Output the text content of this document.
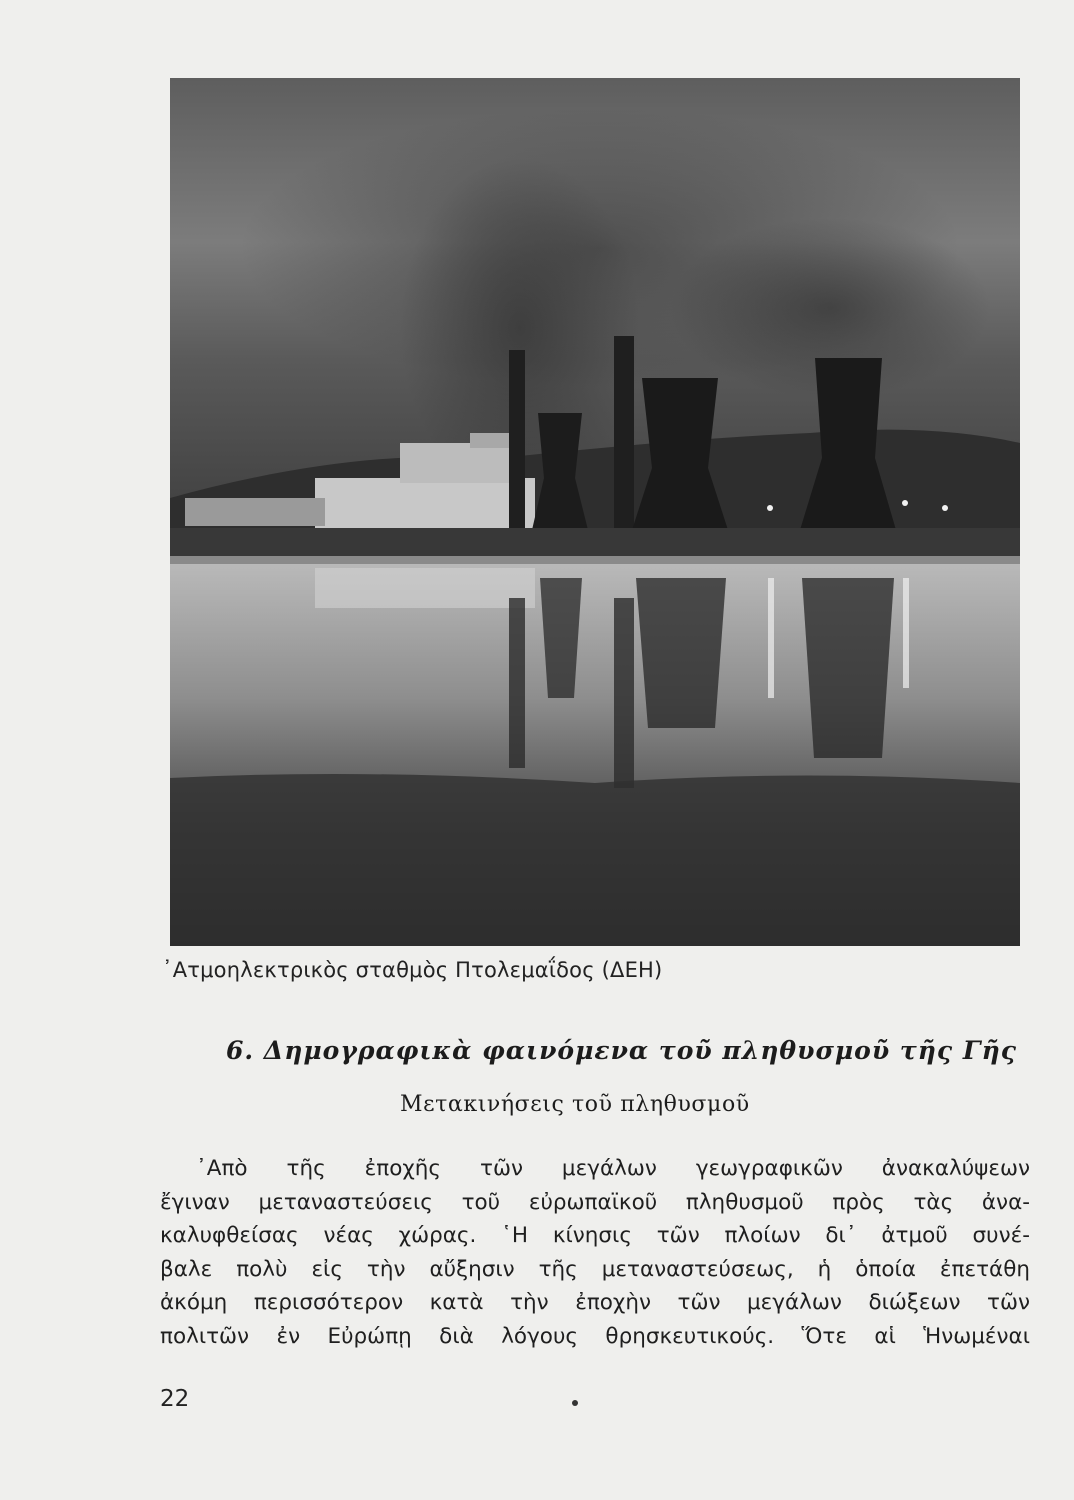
᾽Ατμοηλεκτρικὸς σταθμὸς Πτολεμαΐδος (ΔΕΗ)
6. Δημογραφικὰ φαινόμενα τοῦ πληθυσμοῦ τῆς Γῆς
Μετακινήσεις τοῦ πληθυσμοῦ
᾽Απὸ τῆς ἐποχῆς τῶν μεγάλων γεωγραφικῶν ἀνακαλύψεων
ἔγιναν μεταναστεύσεις τοῦ εὐρωπαϊκοῦ πληθυσμοῦ πρὸς τὰς ἀνα-
καλυφθείσας νέας χώρας. ῾Η κίνησις τῶν πλοίων δι᾽ ἀτμοῦ συνέ-
βαλε πολὺ εἰς τὴν αὔξησιν τῆς μεταναστεύσεως, ἡ ὁποία ἐπετάθη
ἀκόμη περισσότερον κατὰ τὴν ἐποχὴν τῶν μεγάλων διώξεων τῶν
πολιτῶν ἐν Εὐρώπῃ διὰ λόγους θρησκευτικούς. Ὅτε αἱ Ἡνωμέναι
22
